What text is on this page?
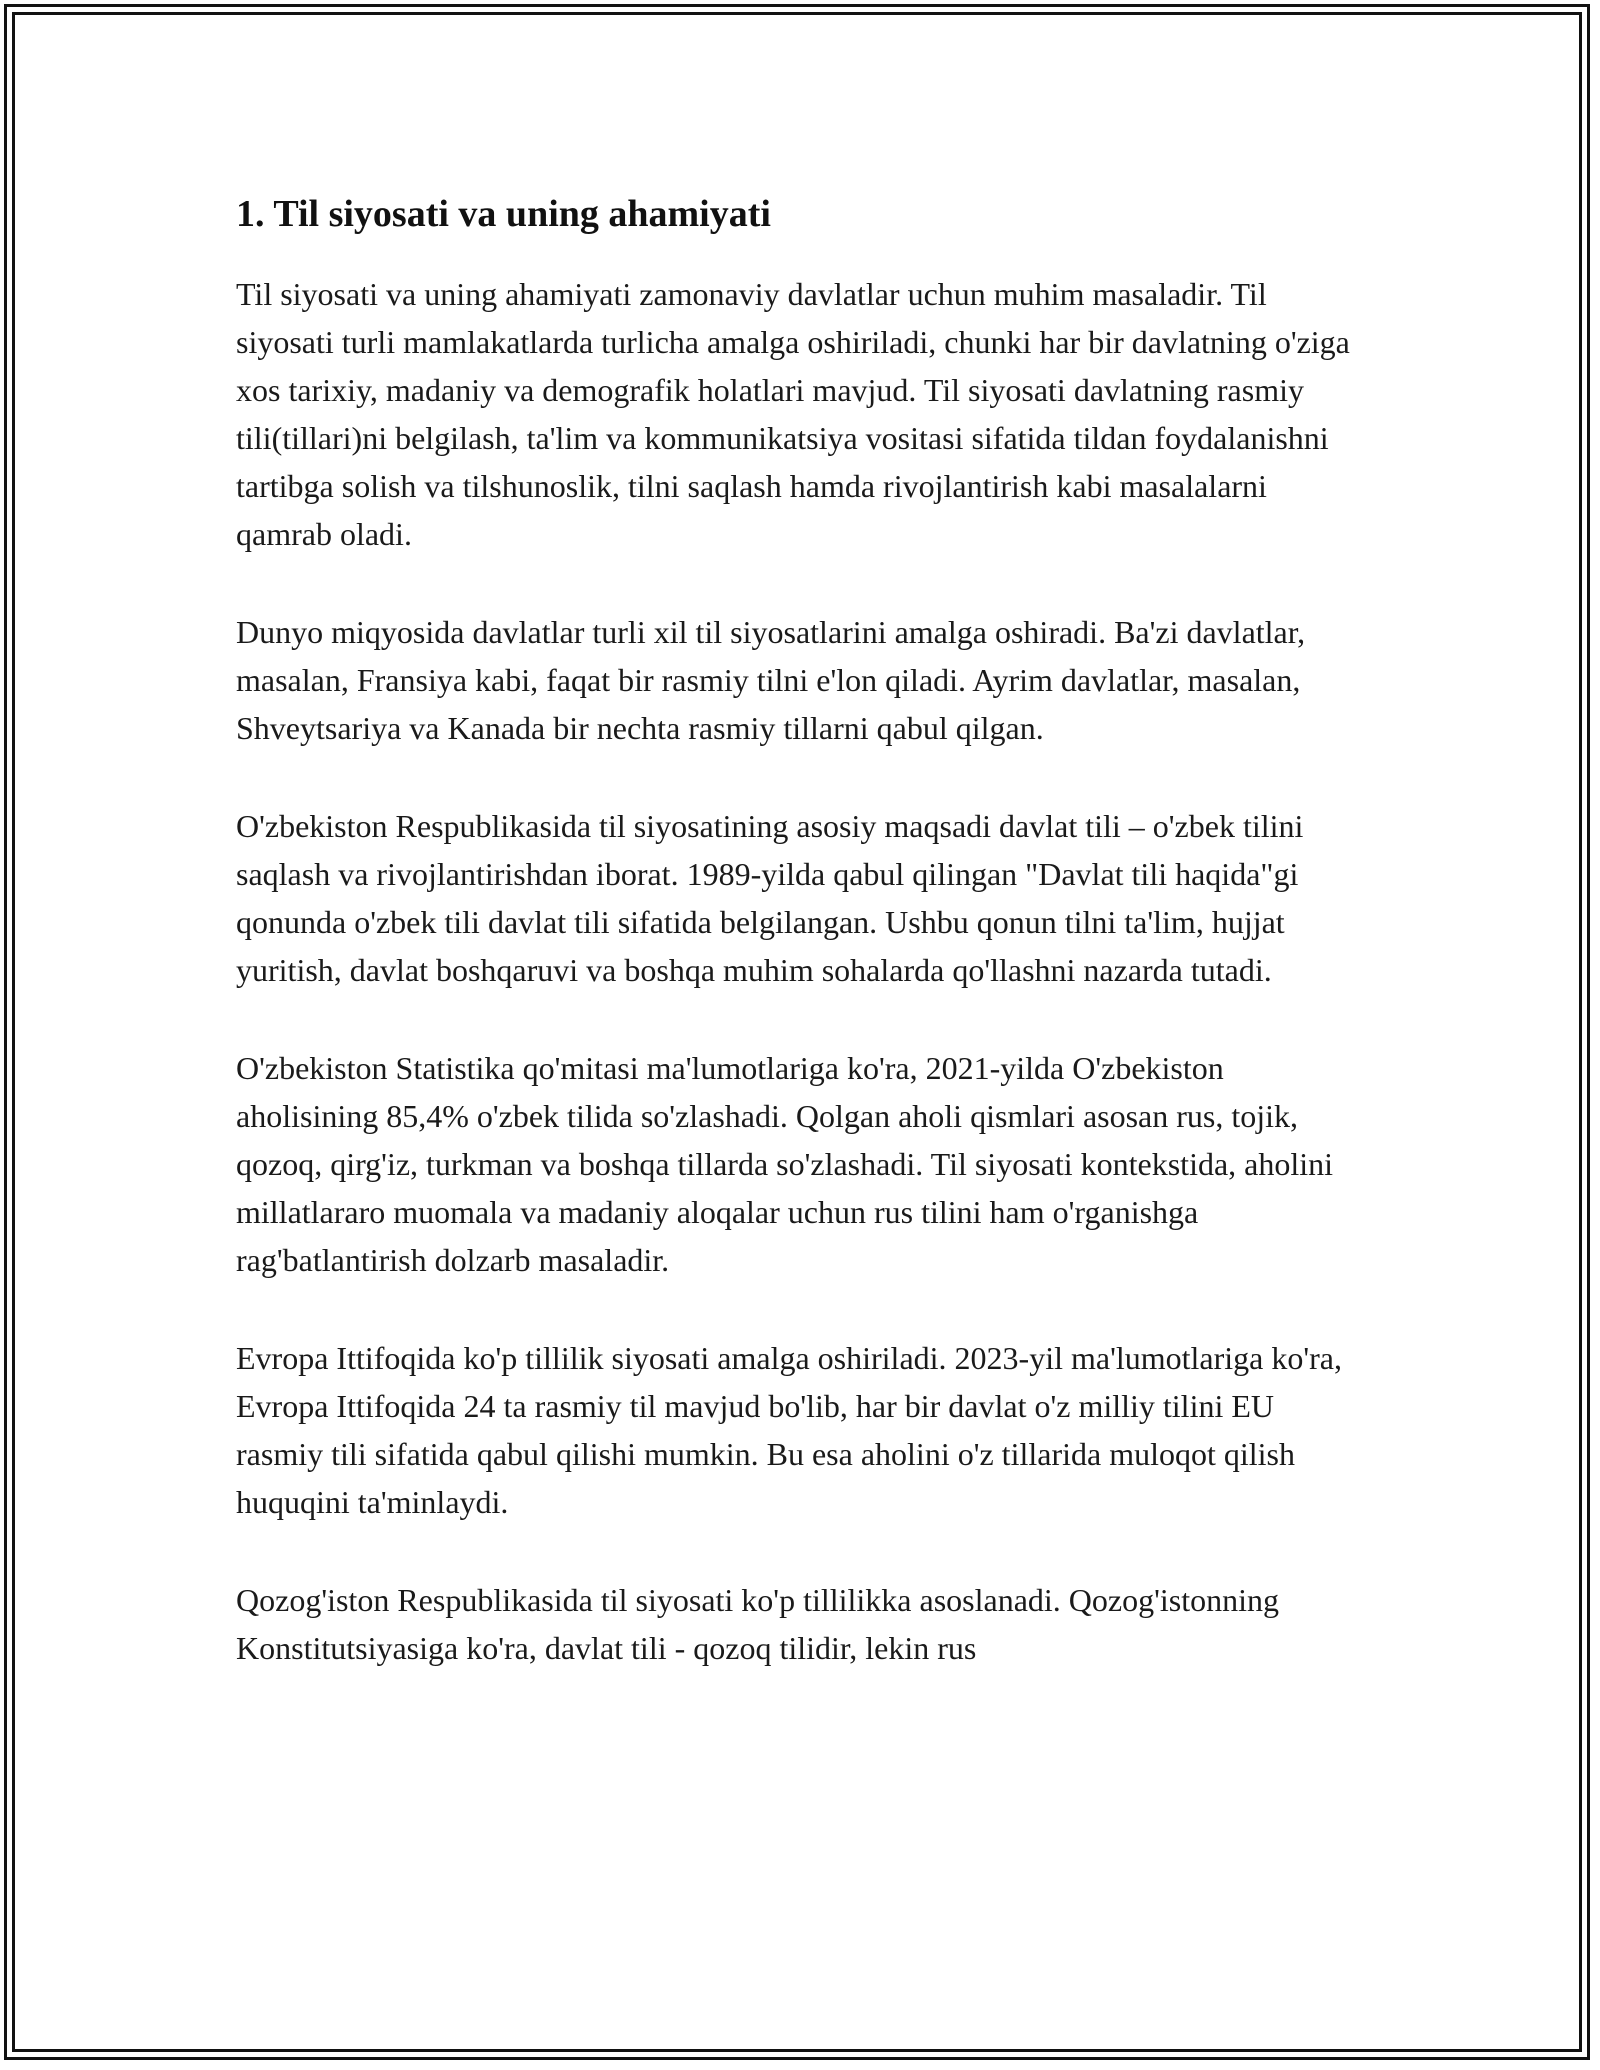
1. Til siyosati va uning ahamiyati

Til siyosati va uning ahamiyati zamonaviy davlatlar uchun muhim masaladir. Til siyosati turli mamlakatlarda turlicha amalga oshiriladi, chunki har bir davlatning o'ziga xos tarixiy, madaniy va demografik holatlari mavjud. Til siyosati davlatning rasmiy tili(tillari)ni belgilash, ta'lim va kommunikatsiya vositasi sifatida tildan foydalanishni tartibga solish va tilshunoslik, tilni saqlash hamda rivojlantirish kabi masalalarni qamrab oladi.

Dunyo miqyosida davlatlar turli xil til siyosatlarini amalga oshiradi. Ba'zi davlatlar, masalan, Fransiya kabi, faqat bir rasmiy tilni e'lon qiladi. Ayrim davlatlar, masalan, Shveytsariya va Kanada bir nechta rasmiy tillarni qabul qilgan.

O'zbekiston Respublikasida til siyosatining asosiy maqsadi davlat tili – o'zbek tilini saqlash va rivojlantirishdan iborat. 1989-yilda qabul qilingan "Davlat tili haqida"gi qonunda o'zbek tili davlat tili sifatida belgilangan. Ushbu qonun tilni ta'lim, hujjat yuritish, davlat boshqaruvi va boshqa muhim sohalarda qo'llashni nazarda tutadi.

O'zbekiston Statistika qo'mitasi ma'lumotlariga ko'ra, 2021-yilda O'zbekiston aholisining 85,4% o'zbek tilida so'zlashadi. Qolgan aholi qismlari asosan rus, tojik, qozoq, qirg'iz, turkman va boshqa tillarda so'zlashadi. Til siyosati kontekstida, aholini millatlararo muomala va madaniy aloqalar uchun rus tilini ham o'rganishga rag'batlantirish dolzarb masaladir.

Evropa Ittifoqida ko'p tillilik siyosati amalga oshiriladi. 2023-yil ma'lumotlariga ko'ra, Evropa Ittifoqida 24 ta rasmiy til mavjud bo'lib, har bir davlat o'z milliy tilini EU rasmiy tili sifatida qabul qilishi mumkin. Bu esa aholini o'z tillarida muloqot qilish huquqini ta'minlaydi.

Qozog'iston Respublikasida til siyosati ko'p tillilikka asoslanadi. Qozog'istonning Konstitutsiyasiga ko'ra, davlat tili - qozoq tilidir, lekin rus
